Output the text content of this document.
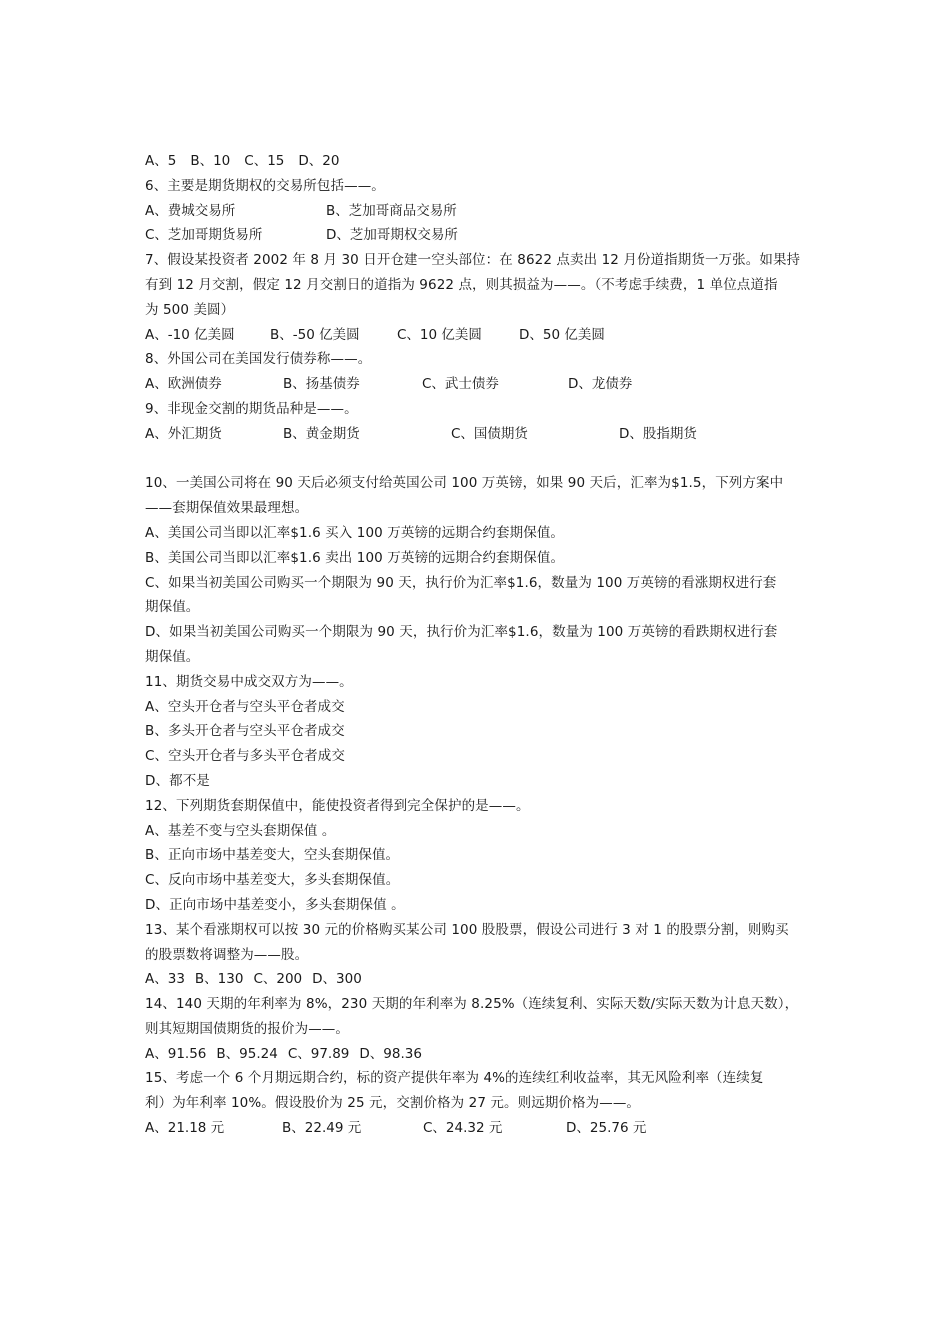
A、5 B、10 C、15 D、20
6、主要是期货期权的交易所包括——。
A、费城交易所	B、芝加哥商品交易所
C、芝加哥期货易所	D、芝加哥期权交易所
7、假设某投资者 2002 年 8 月 30 日开仓建一空头部位：在 8622 点卖出 12 月份道指期货一万张。如果持
有到 12 月交割，假定 12 月交割日的道指为 9622 点，则其损益为——。（不考虑手续费，1 单位点道指
为 500 美圆）
A、-10 亿美圆	B、-50 亿美圆	C、10 亿美圆	D、50 亿美圆
8、外国公司在美国发行债券称——。
A、欧洲债券	B、扬基债券	C、武士债券	D、龙债券
9、非现金交割的期货品种是——。
A、外汇期货	B、黄金期货	C、国债期货	D、股指期货
10、一美国公司将在 90 天后必须支付给英国公司 100 万英镑，如果 90 天后，汇率为$1.5，下列方案中
——套期保值效果最理想。
A、美国公司当即以汇率$1.6 买入 100 万英镑的远期合约套期保值。
B、美国公司当即以汇率$1.6 卖出 100 万英镑的远期合约套期保值。
C、如果当初美国公司购买一个期限为 90 天，执行价为汇率$1.6，数量为 100 万英镑的看涨期权进行套
期保值。
D、如果当初美国公司购买一个期限为 90 天，执行价为汇率$1.6，数量为 100 万英镑的看跌期权进行套
期保值。
11、期货交易中成交双方为——。
A、空头开仓者与空头平仓者成交
B、多头开仓者与空头平仓者成交
C、空头开仓者与多头平仓者成交
D、都不是
12、下列期货套期保值中，能使投资者得到完全保护的是——。
A、基差不变与空头套期保值 。
B、正向市场中基差变大，空头套期保值。
C、反向市场中基差变大，多头套期保值。
D、正向市场中基差变小，多头套期保值 。
13、某个看涨期权可以按 30 元的价格购买某公司 100 股股票，假设公司进行 3 对 1 的股票分割，则购买
的股票数将调整为——股。
A、33 B、130 C、200 D、300
14、140 天期的年利率为 8%，230 天期的年利率为 8.25%（连续复利、实际天数/实际天数为计息天数），
则其短期国债期货的报价为——。
A、91.56 B、95.24 C、97.89 D、98.36
15、考虑一个 6 个月期远期合约，标的资产提供年率为 4%的连续红利收益率，其无风险利率（连续复
利）为年利率 10%。假设股价为 25 元，交割价格为 27 元。则远期价格为——。
A、21.18 元	B、22.49 元	C、24.32 元	D、25.76 元
